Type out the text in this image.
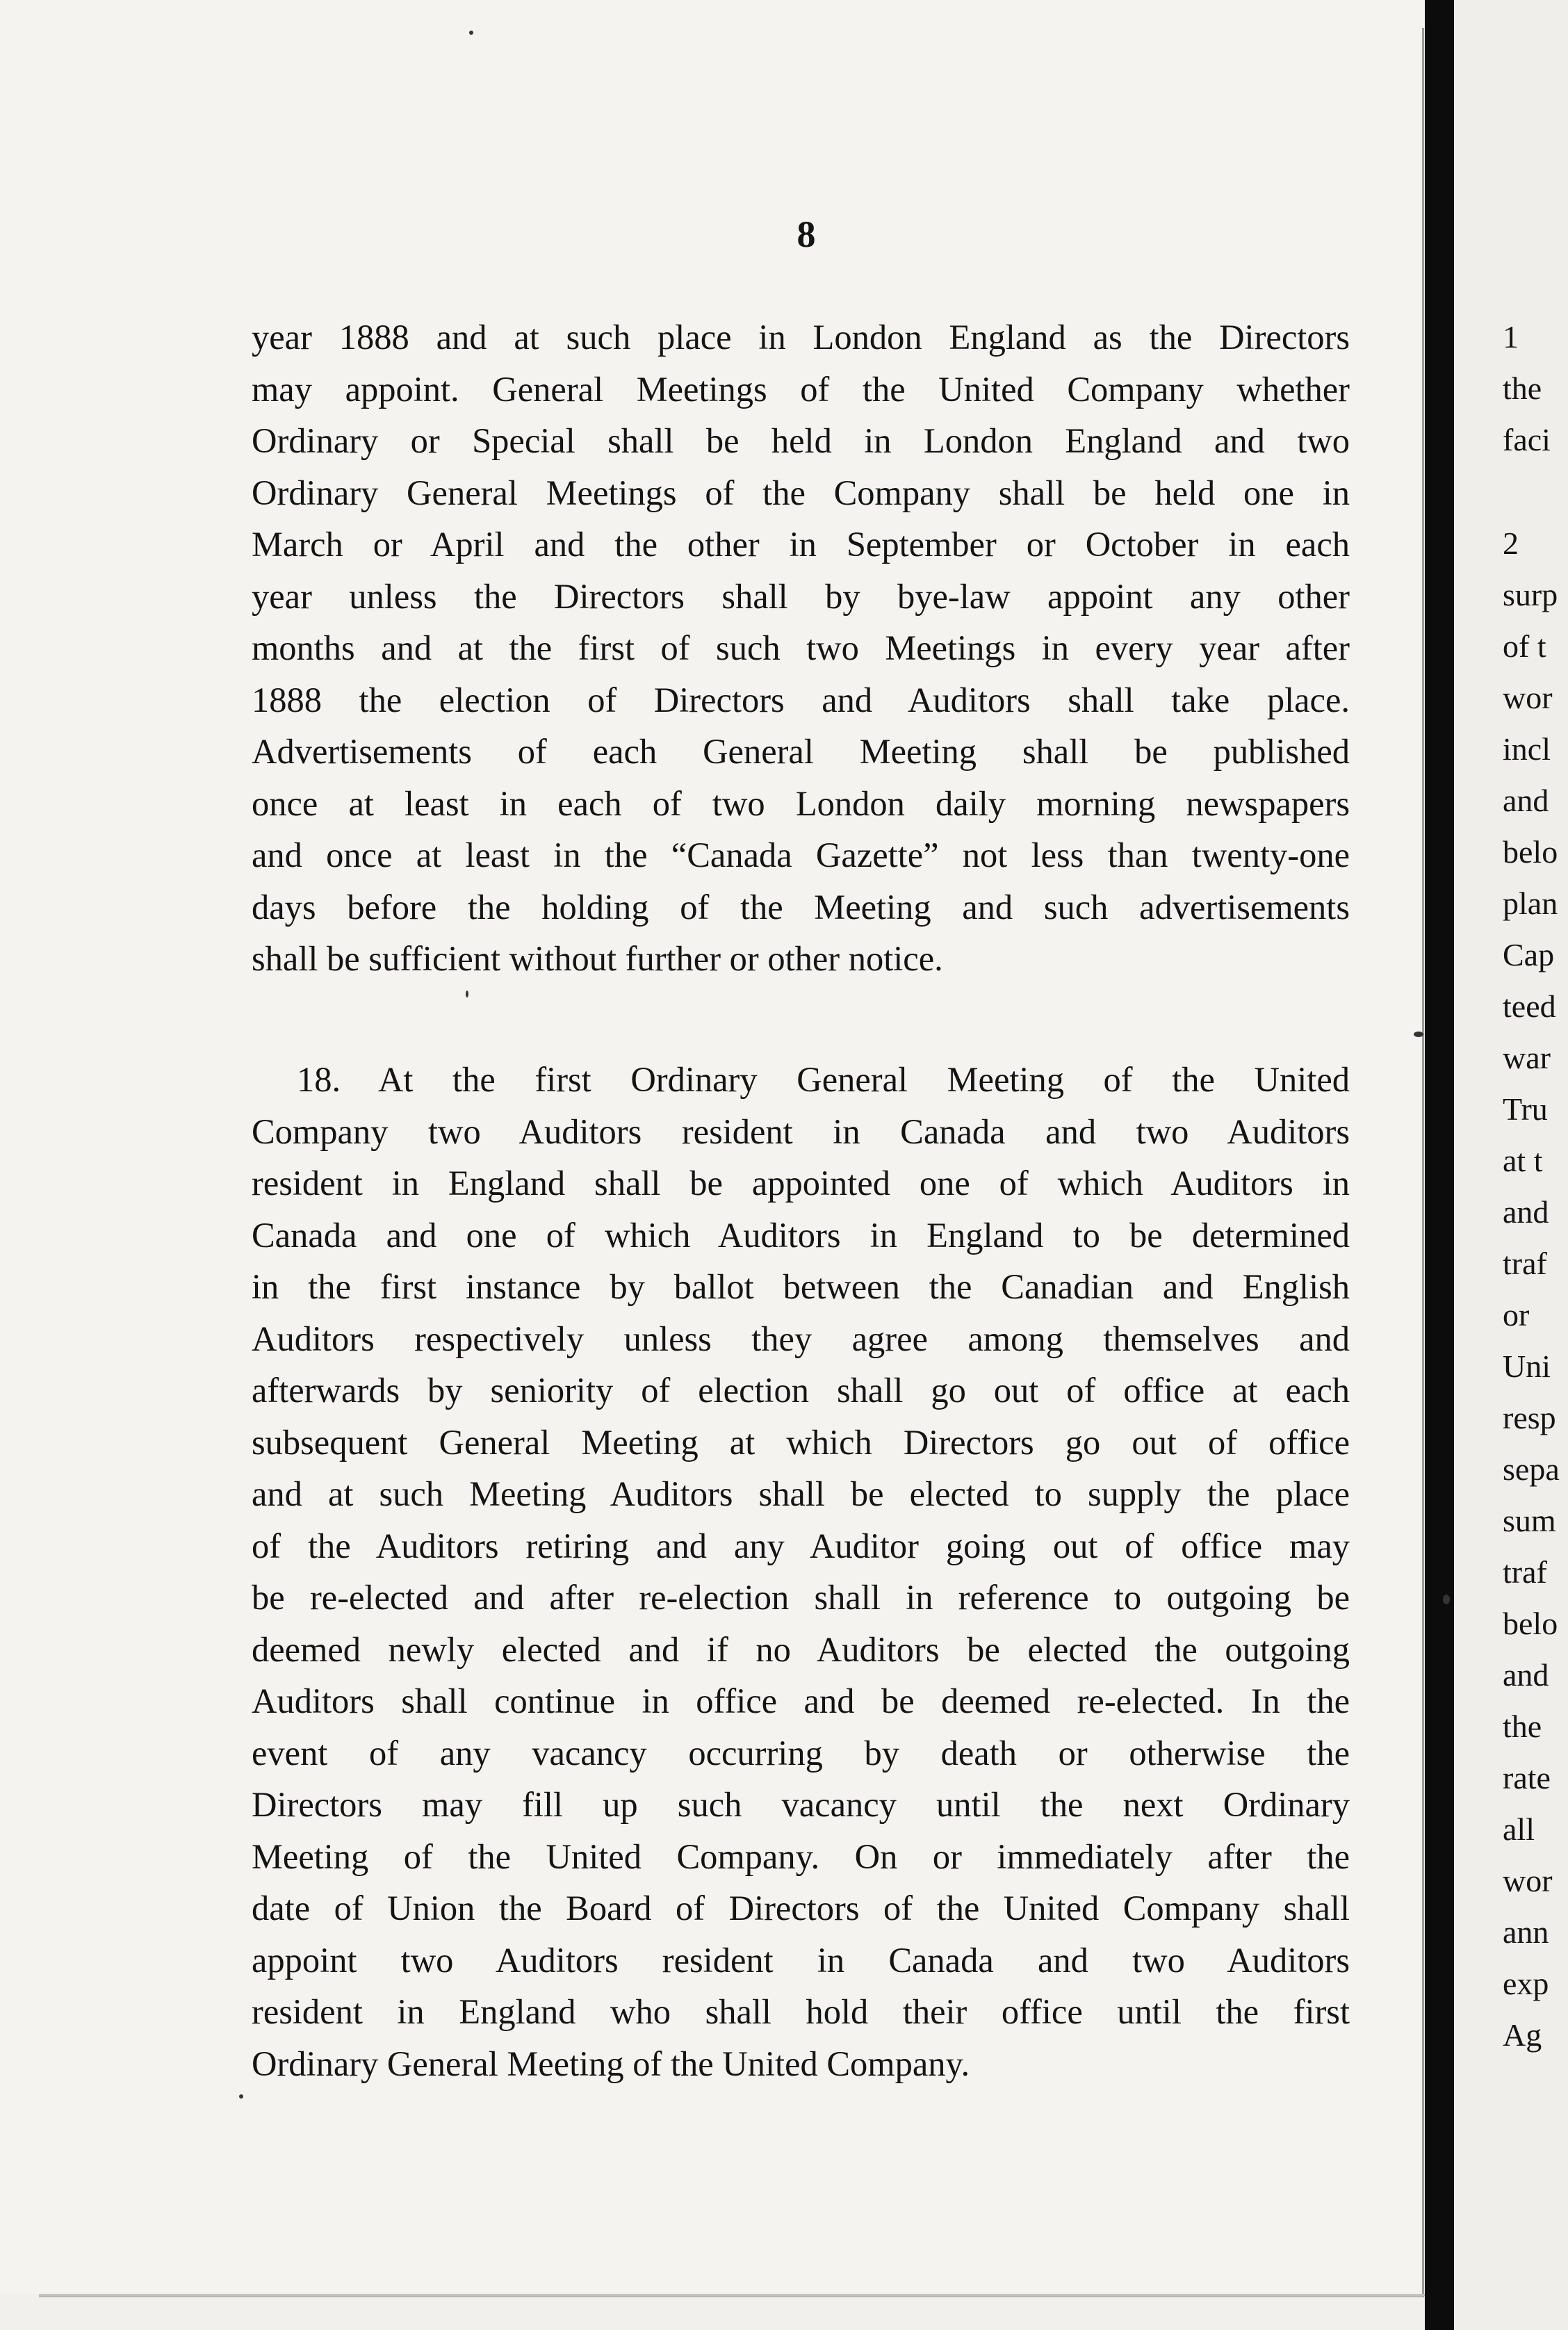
8
year 1888 and at such place in London England as the Directors
may appoint. General Meetings of the United Company whether
Ordinary or Special shall be held in London England and two
Ordinary General Meetings of the Company shall be held one in
March or April and the other in September or October in each
year unless the Directors shall by bye-law appoint any other
months and at the first of such two Meetings in every year after
1888 the election of Directors and Auditors shall take place.
Advertisements of each General Meeting shall be published
once at least in each of two London daily morning newspapers
and once at least in the “Canada Gazette” not less than twenty-one
days before the holding of the Meeting and such advertisements
shall be sufficient without further or other notice.
18. At the first Ordinary General Meeting of the United
Company two Auditors resident in Canada and two Auditors
resident in England shall be appointed one of which Auditors in
Canada and one of which Auditors in England to be determined
in the first instance by ballot between the Canadian and English
Auditors respectively unless they agree among themselves and
afterwards by seniority of election shall go out of office at each
subsequent General Meeting at which Directors go out of office
and at such Meeting Auditors shall be elected to supply the place
of the Auditors retiring and any Auditor going out of office may
be re-elected and after re-election shall in reference to outgoing be
deemed newly elected and if no Auditors be elected the outgoing
Auditors shall continue in office and be deemed re-elected. In the
event of any vacancy occurring by death or otherwise the
Directors may fill up such vacancy until the next Ordinary
Meeting of the United Company. On or immediately after the
date of Union the Board of Directors of the United Company shall
appoint two Auditors resident in Canada and two Auditors
resident in England who shall hold their office until the first
Ordinary General Meeting of the United Company.
1
the
faci
2
surp
of t
wor
incl
and
belo
plan
Cap
teed
war
Tru
at t
and
traf
or
Uni
resp
sepa
sum
traf
belo
and
the
rate
all
wor
ann
exp
Ag
